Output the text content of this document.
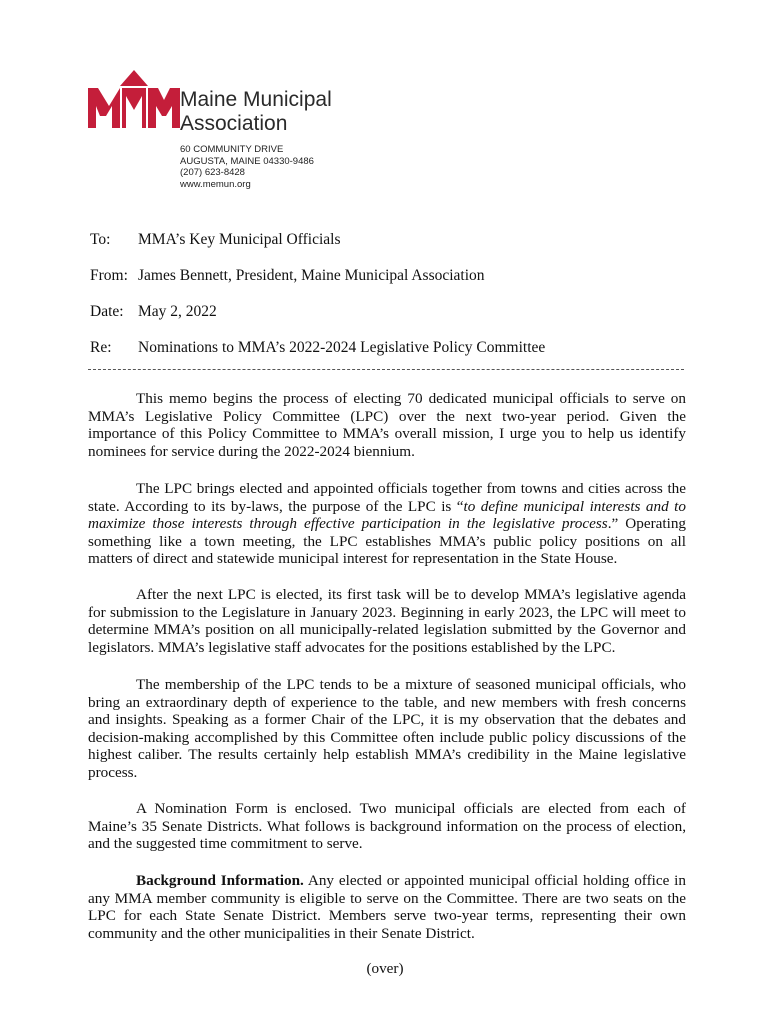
Maine Municipal
Association
60 COMMUNITY DRIVE
AUGUSTA, MAINE 04330-9486
(207) 623-8428
www.memun.org
To: MMA’s Key Municipal Officials
From: James Bennett, President, Maine Municipal Association
Date: May 2, 2022
Re: Nominations to MMA’s 2022-2024 Legislative Policy Committee
This memo begins the process of electing 70 dedicated municipal officials to serve on
MMA’s Legislative Policy Committee (LPC) over the next two-year period. Given the
importance of this Policy Committee to MMA’s overall mission, I urge you to help us identify
nominees for service during the 2022-2024 biennium.
The LPC brings elected and appointed officials together from towns and cities across the
state. According to its by-laws, the purpose of the LPC is “to define municipal interests and to
maximize those interests through effective participation in the legislative process.” Operating
something like a town meeting, the LPC establishes MMA’s public policy positions on all
matters of direct and statewide municipal interest for representation in the State House.
After the next LPC is elected, its first task will be to develop MMA’s legislative agenda
for submission to the Legislature in January 2023. Beginning in early 2023, the LPC will meet to
determine MMA’s position on all municipally-related legislation submitted by the Governor and
legislators. MMA’s legislative staff advocates for the positions established by the LPC.
The membership of the LPC tends to be a mixture of seasoned municipal officials, who
bring an extraordinary depth of experience to the table, and new members with fresh concerns
and insights. Speaking as a former Chair of the LPC, it is my observation that the debates and
decision-making accomplished by this Committee often include public policy discussions of the
highest caliber. The results certainly help establish MMA’s credibility in the Maine legislative
process.
A Nomination Form is enclosed. Two municipal officials are elected from each of
Maine’s 35 Senate Districts. What follows is background information on the process of election,
and the suggested time commitment to serve.
Background Information. Any elected or appointed municipal official holding office in
any MMA member community is eligible to serve on the Committee. There are two seats on the
LPC for each State Senate District. Members serve two-year terms, representing their own
community and the other municipalities in their Senate District.
(over)
